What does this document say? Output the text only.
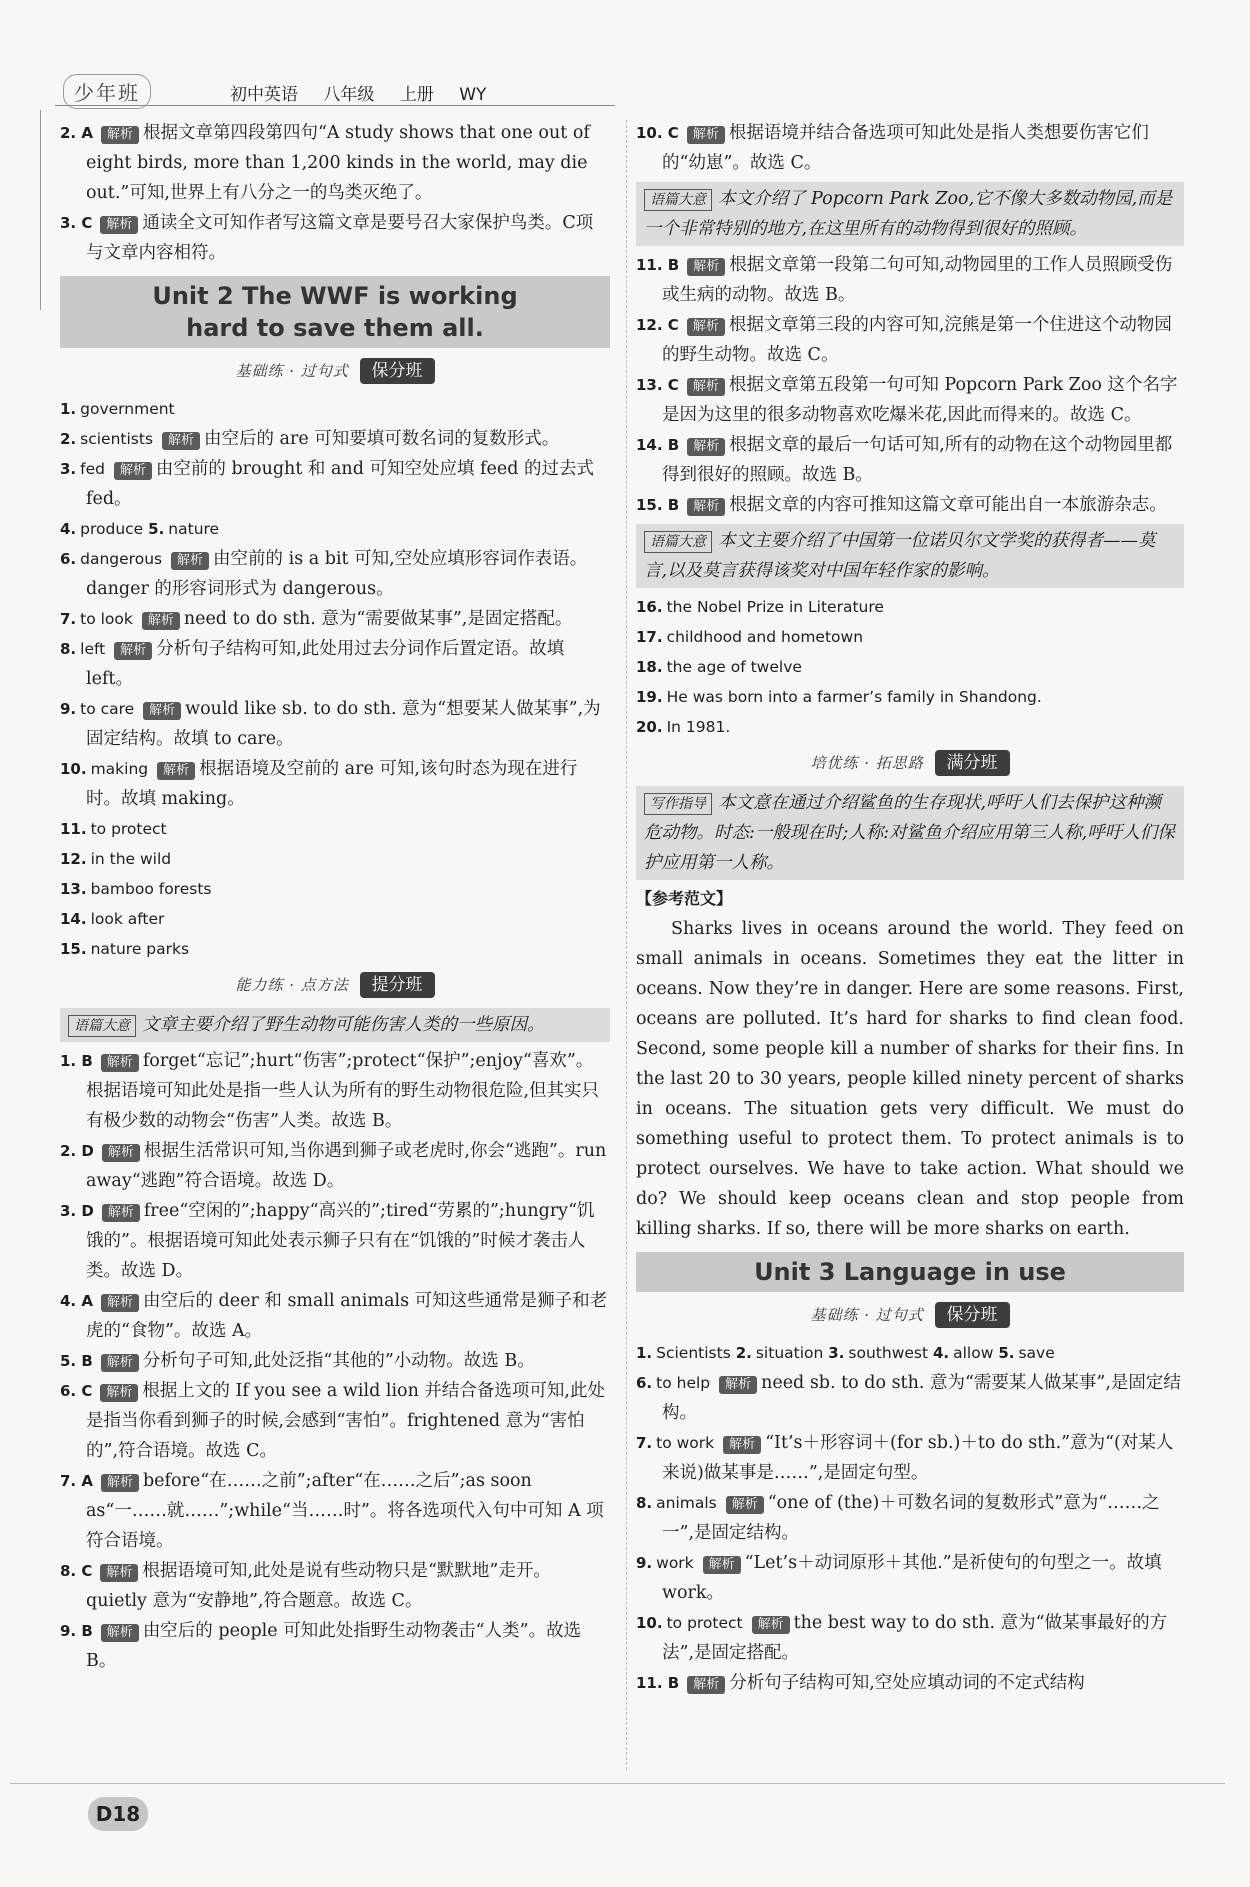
少年班	初中英语 八年级 上册 WY
2. A 解析 根据文章第四段第四句“A study shows that one out of eight birds, more than 1,200 kinds in the world, may die out.”可知,世界上有八分之一的鸟类灭绝了。
3. C 解析 通读全文可知作者写这篇文章是要号召大家保护鸟类。C项与文章内容相符。
Unit 2 The WWF is working
hard to save them all.
基础练 · 过句式 保分班
1. government
2. scientists 解析 由空后的 are 可知要填可数名词的复数形式。
3. fed 解析 由空前的 brought 和 and 可知空处应填 feed 的过去式 fed。
4. produce 5. nature
6. dangerous 解析 由空前的 is a bit 可知,空处应填形容词作表语。danger 的形容词形式为 dangerous。
7. to look 解析 need to do sth. 意为“需要做某事”,是固定搭配。
8. left 解析 分析句子结构可知,此处用过去分词作后置定语。故填 left。
9. to care 解析 would like sb. to do sth. 意为“想要某人做某事”,为固定结构。故填 to care。
10. making 解析 根据语境及空前的 are 可知,该句时态为现在进行时。故填 making。
11. to protect
12. in the wild
13. bamboo forests
14. look after
15. nature parks
能力练 · 点方法 提分班
语篇大意 文章主要介绍了野生动物可能伤害人类的一些原因。
1. B 解析 forget“忘记”;hurt“伤害”;protect“保护”;enjoy“喜欢”。根据语境可知此处是指一些人认为所有的野生动物很危险,但其实只有极少数的动物会“伤害”人类。故选 B。
2. D 解析 根据生活常识可知,当你遇到狮子或老虎时,你会“逃跑”。run away“逃跑”符合语境。故选 D。
3. D 解析 free“空闲的”;happy“高兴的”;tired“劳累的”;hungry“饥饿的”。根据语境可知此处表示狮子只有在“饥饿的”时候才袭击人类。故选 D。
4. A 解析 由空后的 deer 和 small animals 可知这些通常是狮子和老虎的“食物”。故选 A。
5. B 解析 分析句子可知,此处泛指“其他的”小动物。故选 B。
6. C 解析 根据上文的 If you see a wild lion 并结合备选项可知,此处是指当你看到狮子的时候,会感到“害怕”。frightened 意为“害怕的”,符合语境。故选 C。
7. A 解析 before“在……之前”;after“在……之后”;as soon as“一……就……”;while“当……时”。将各选项代入句中可知 A 项符合语境。
8. C 解析 根据语境可知,此处是说有些动物只是“默默地”走开。quietly 意为“安静地”,符合题意。故选 C。
9. B 解析 由空后的 people 可知此处指野生动物袭击“人类”。故选 B。
10. C 解析 根据语境并结合备选项可知此处是指人类想要伤害它们的“幼崽”。故选 C。
语篇大意 本文介绍了 Popcorn Park Zoo,它不像大多数动物园,而是一个非常特别的地方,在这里所有的动物得到很好的照顾。
11. B 解析 根据文章第一段第二句可知,动物园里的工作人员照顾受伤或生病的动物。故选 B。
12. C 解析 根据文章第三段的内容可知,浣熊是第一个住进这个动物园的野生动物。故选 C。
13. C 解析 根据文章第五段第一句可知 Popcorn Park Zoo 这个名字是因为这里的很多动物喜欢吃爆米花,因此而得来的。故选 C。
14. B 解析 根据文章的最后一句话可知,所有的动物在这个动物园里都得到很好的照顾。故选 B。
15. B 解析 根据文章的内容可推知这篇文章可能出自一本旅游杂志。
语篇大意 本文主要介绍了中国第一位诺贝尔文学奖的获得者——莫言,以及莫言获得该奖对中国年轻作家的影响。
16. the Nobel Prize in Literature
17. childhood and hometown
18. the age of twelve
19. He was born into a farmer’s family in Shandong.
20. In 1981.
培优练 · 拓思路 满分班
写作指导 本文意在通过介绍鲨鱼的生存现状,呼吁人们去保护这种濒危动物。时态:一般现在时;人称:对鲨鱼介绍应用第三人称,呼吁人们保护应用第一人称。
【参考范文】

Sharks lives in oceans around the world. They feed on small animals in oceans. Sometimes they eat the litter in oceans. Now they’re in danger. Here are some reasons. First, oceans are polluted. It’s hard for sharks to find clean food. Second, some people kill a number of sharks for their fins. In the last 20 to 30 years, people killed ninety percent of sharks in oceans. The situation gets very difficult. We must do something useful to protect them. To protect animals is to protect ourselves. We have to take action. What should we do? We should keep oceans clean and stop people from killing sharks. If so, there will be more sharks on earth.

Unit 3 Language in use
基础练 · 过句式 保分班
1. Scientists 2. situation 3. southwest 4. allow 5. save
6. to help 解析 need sb. to do sth. 意为“需要某人做某事”,是固定结构。
7. to work 解析 “It’s＋形容词＋(for sb.)＋to do sth.”意为“(对某人来说)做某事是……”,是固定句型。
8. animals 解析 “one of (the)＋可数名词的复数形式”意为“……之一”,是固定结构。
9. work 解析 “Let’s＋动词原形＋其他.”是祈使句的句型之一。故填 work。
10. to protect 解析 the best way to do sth. 意为“做某事最好的方法”,是固定搭配。
11. B 解析 分析句子结构可知,空处应填动词的不定式结构
D18
